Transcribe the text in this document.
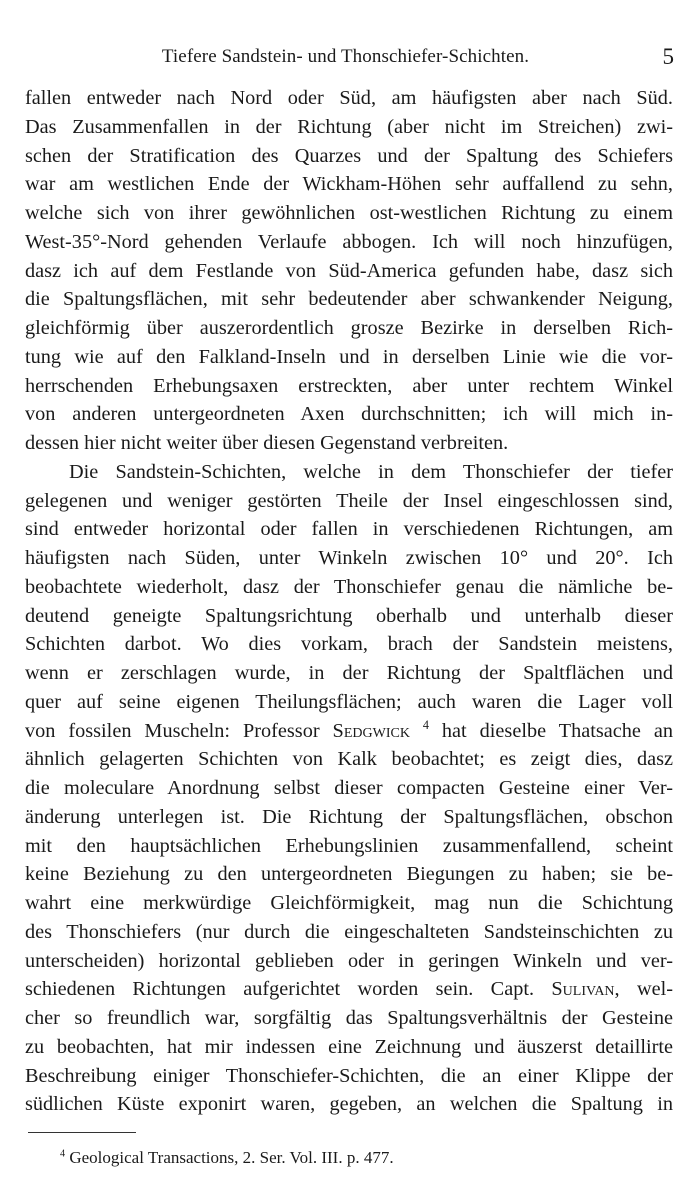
Tiefere Sandstein- und Thonschiefer-Schichten.	5
fallen entweder nach Nord oder Süd, am häufigsten aber nach Süd.
Das Zusammenfallen in der Richtung (aber nicht im Streichen) zwi-
schen der Stratification des Quarzes und der Spaltung des Schiefers
war am westlichen Ende der Wickham-Höhen sehr auffallend zu sehn,
welche sich von ihrer gewöhnlichen ost-westlichen Richtung zu einem
West-35°-Nord gehenden Verlaufe abbogen. Ich will noch hinzufügen,
dasz ich auf dem Festlande von Süd-America gefunden habe, dasz sich
die Spaltungsflächen, mit sehr bedeutender aber schwankender Neigung,
gleichförmig über auszerordentlich grosze Bezirke in derselben Rich-
tung wie auf den Falkland-Inseln und in derselben Linie wie die vor-
herrschenden Erhebungsaxen erstreckten, aber unter rechtem Winkel
von anderen untergeordneten Axen durchschnitten; ich will mich in-
dessen hier nicht weiter über diesen Gegenstand verbreiten.
Die Sandstein-Schichten, welche in dem Thonschiefer der tiefer
gelegenen und weniger gestörten Theile der Insel eingeschlossen sind,
sind entweder horizontal oder fallen in verschiedenen Richtungen, am
häufigsten nach Süden, unter Winkeln zwischen 10° und 20°. Ich
beobachtete wiederholt, dasz der Thonschiefer genau die nämliche be-
deutend geneigte Spaltungsrichtung oberhalb und unterhalb dieser
Schichten darbot. Wo dies vorkam, brach der Sandstein meistens,
wenn er zerschlagen wurde, in der Richtung der Spaltflächen und
quer auf seine eigenen Theilungsflächen; auch waren die Lager voll
von fossilen Muscheln: Professor Sedgwick $^4$ hat dieselbe Thatsache an
ähnlich gelagerten Schichten von Kalk beobachtet; es zeigt dies, dasz
die moleculare Anordnung selbst dieser compacten Gesteine einer Ver-
änderung unterlegen ist. Die Richtung der Spaltungsflächen, obschon
mit den hauptsächlichen Erhebungslinien zusammenfallend, scheint
keine Beziehung zu den untergeordneten Biegungen zu haben; sie be-
wahrt eine merkwürdige Gleichförmigkeit, mag nun die Schichtung
des Thonschiefers (nur durch die eingeschalteten Sandsteinschichten zu
unterscheiden) horizontal geblieben oder in geringen Winkeln und ver-
schiedenen Richtungen aufgerichtet worden sein. Capt. Sulivan, wel-
cher so freundlich war, sorgfältig das Spaltungsverhältnis der Gesteine
zu beobachten, hat mir indessen eine Zeichnung und äuszerst detaillirte
Beschreibung einiger Thonschiefer-Schichten, die an einer Klippe der
südlichen Küste exponirt waren, gegeben, an welchen die Spaltung in
$^4$ Geological Transactions, 2. Ser. Vol. III. p. 477.
